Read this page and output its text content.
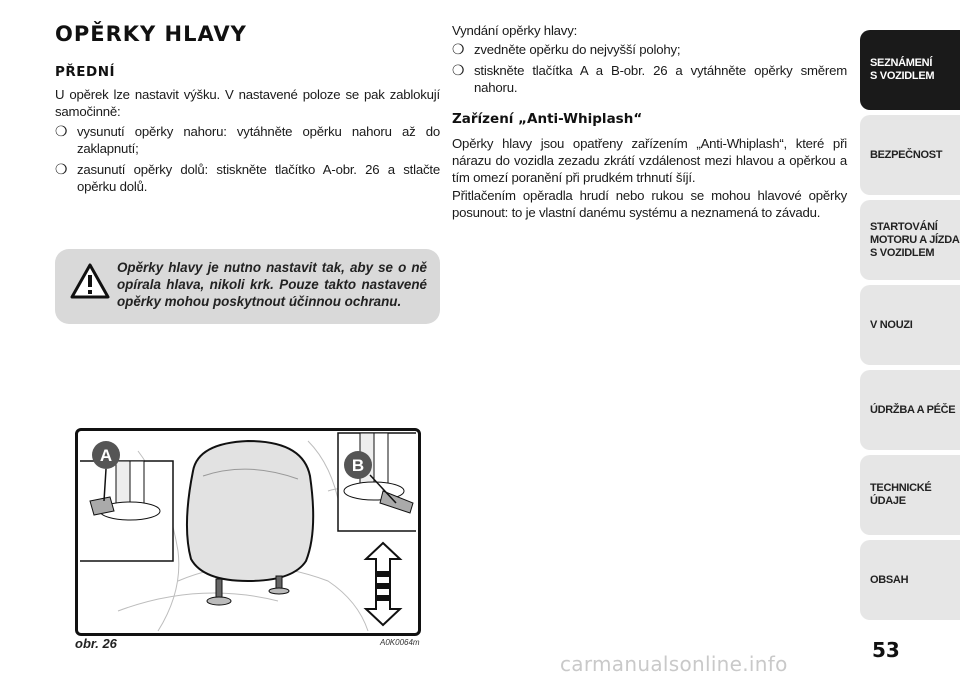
OPĚRKY HLAVY
PŘEDNÍ

U opěrek lze nastavit výšku. V nastavené poloze se pak zablokují samočinně:

❍ vysunutí opěrky nahoru: vytáhněte opěrku nahoru až do zaklapnutí;
❍ zasunutí opěrky dolů: stiskněte tlačítko A-obr. 26 a stlačte opěrku dolů.
Opěrky hlavy je nutno nastavit tak, aby se o ně opírala hlava, nikoli krk. Pouze takto nastavené opěrky mohou poskytnout účinnou ochranu.
A
B
obr. 26	A0K0064m

Vyndání opěrky hlavy:

❍ zvedněte opěrku do nejvyšší polohy;
❍ stiskněte tlačítka A a B-obr. 26 a vytáhněte opěrky směrem nahoru.
Zařízení „Anti-Whiplash“

Opěrky hlavy jsou opatřeny zařízením „Anti-Whiplash“, které při nárazu do vozidla zezadu zkrátí vzdálenost mezi hlavou a opěrkou a tím omezí poranění při prudkém trhnutí šíjí.

Přitlačením opěradla hrudí nebo rukou se mohou hlavové opěrky posunout: to je vlastní danému systému a neznamená to závadu.

SEZNÁMENÍ
S VOZIDLEM
BEZPEČNOST
STARTOVÁNÍ
MOTORU A JÍZDA
S VOZIDLEM
V NOUZI
ÚDRŽBA A PÉČE
TECHNICKÉ
ÚDAJE
OBSAH
53
carmanualsonline.info
